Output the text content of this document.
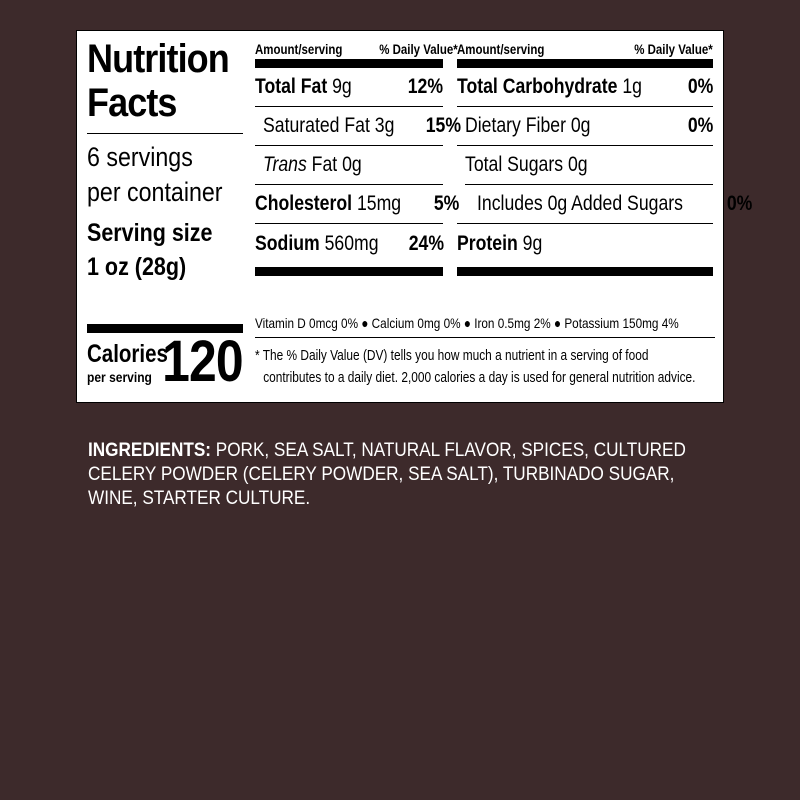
Nutrition
Facts
6 servings
per container
Serving size
1 oz (28g)
Calories
per serving 120
Amount/serving	% Daily Value*
Total Fat 9g	12%
Saturated Fat 3g 15%
Trans Fat 0g
Cholesterol 15mg 5%
Sodium 560mg 24%
Amount/serving	% Daily Value*
Total Carbohydrate 1g 0%
Dietary Fiber 0g	0%
Total Sugars 0g
Includes 0g Added Sugars 0%
Protein 9g
Vitamin D 0mcg 0% ● Calcium 0mg 0% ● Iron 0.5mg 2% ● Potassium 150mg 4%
* The % Daily Value (DV) tells you how much a nutrient in a serving of food
contributes to a daily diet. 2,000 calories a day is used for general nutrition advice.
INGREDIENTS: PORK, SEA SALT, NATURAL FLAVOR, SPICES, CULTURED
CELERY POWDER (CELERY POWDER, SEA SALT), TURBINADO SUGAR,
WINE, STARTER CULTURE.
